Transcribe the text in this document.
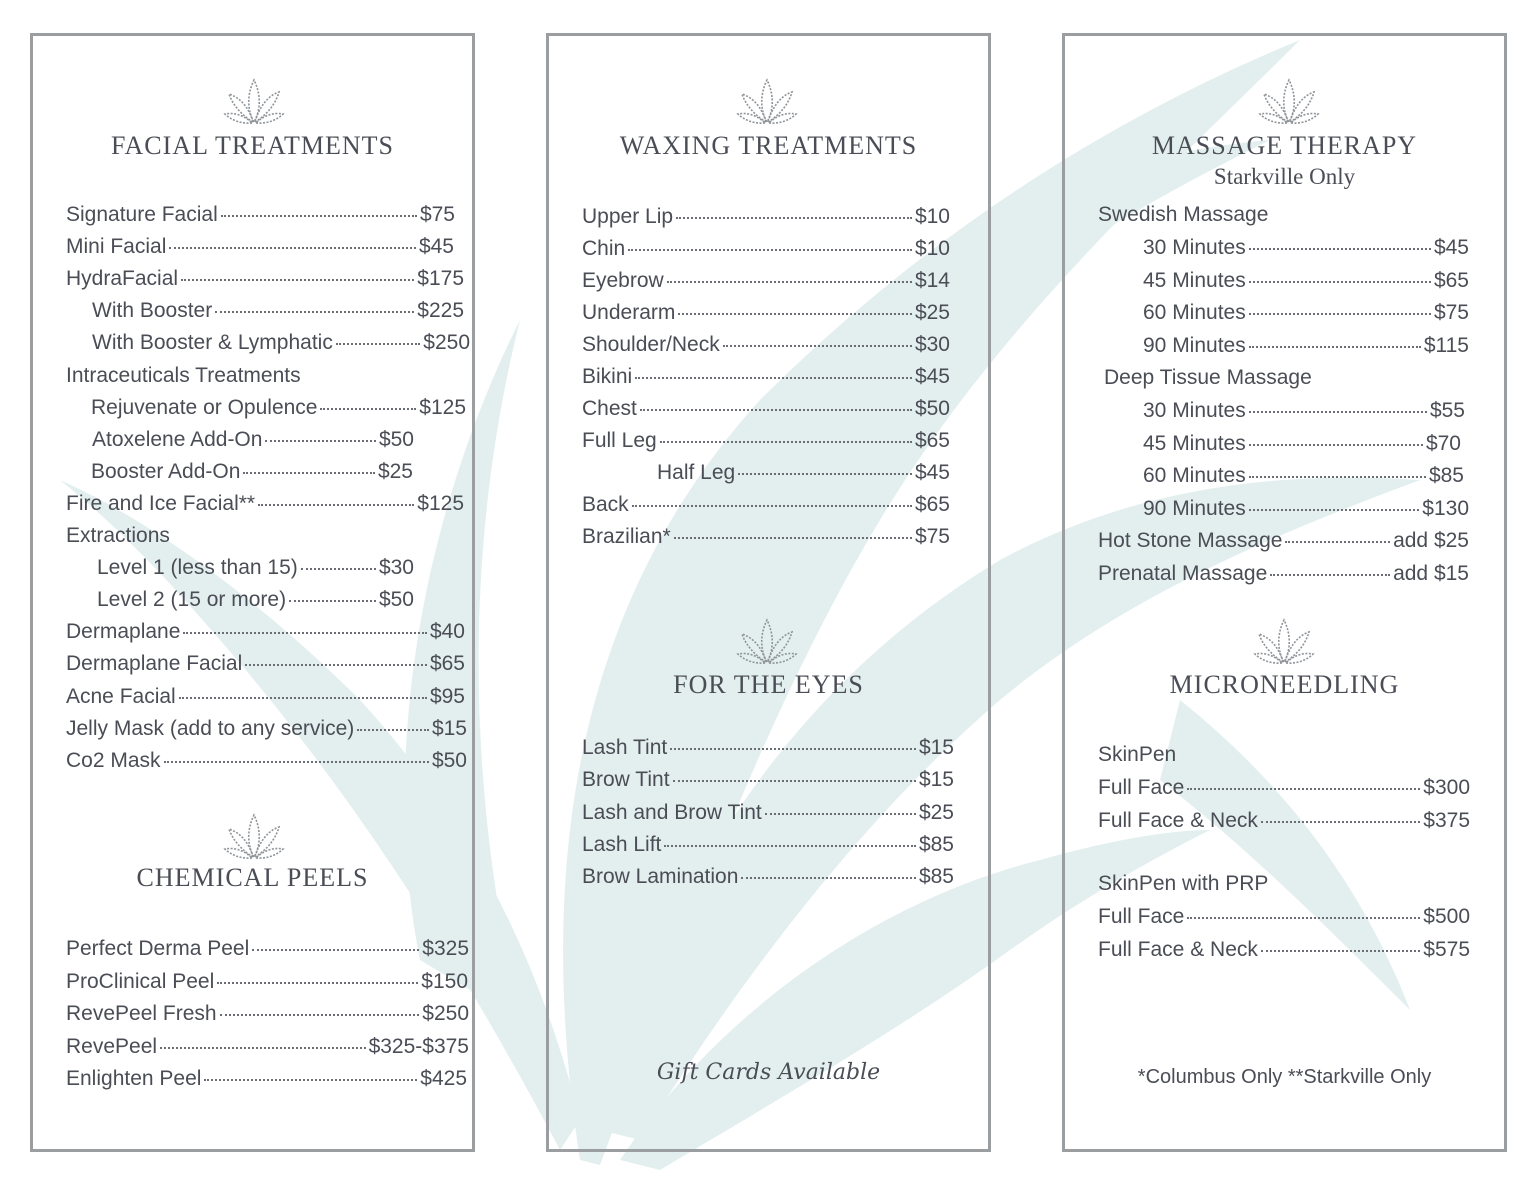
FACIAL TREATMENTS
Signature Facial	$75
Mini Facial	$45
HydraFacial	$175
With Booster	$225
With Booster & Lymphatic	$250
Intraceuticals Treatments
Rejuvenate or Opulence	$125
Atoxelene Add-On	$50
Booster Add-On	$25
Fire and Ice Facial**	$125
Extractions
Level 1 (less than 15)	$30
Level 2 (15 or more)	$50
Dermaplane	$40
Dermaplane Facial	$65
Acne Facial	$95
Jelly Mask (add to any service)	$15
Co2 Mask	$50
CHEMICAL PEELS
Perfect Derma Peel	$325
ProClinical Peel	$150
RevePeel Fresh	$250
RevePeel	$325-$375
Enlighten Peel	$425
WAXING TREATMENTS
Upper Lip	$10
Chin	$10
Eyebrow	$14
Underarm	$25
Shoulder/Neck	$30
Bikini	$45
Chest	$50
Full Leg	$65
Half Leg	$45
Back	$65
Brazilian*	$75
FOR THE EYES
Lash Tint	$15
Brow Tint	$15
Lash and Brow Tint	$25
Lash Lift	$85
Brow Lamination	$85
Gift Cards Available
MASSAGE THERAPY
Starkville Only
Swedish Massage
30 Minutes	$45
45 Minutes	$65
60 Minutes	$75
90 Minutes	$115
Deep Tissue Massage
30 Minutes	$55
45 Minutes	$70
60 Minutes	$85
90 Minutes	$130
Hot Stone Massage	add $25
Prenatal Massage	add $15
MICRONEEDLING
SkinPen
Full Face	$300
Full Face & Neck	$375
SkinPen with PRP
Full Face	$500
Full Face & Neck	$575
*Columbus Only **Starkville Only
